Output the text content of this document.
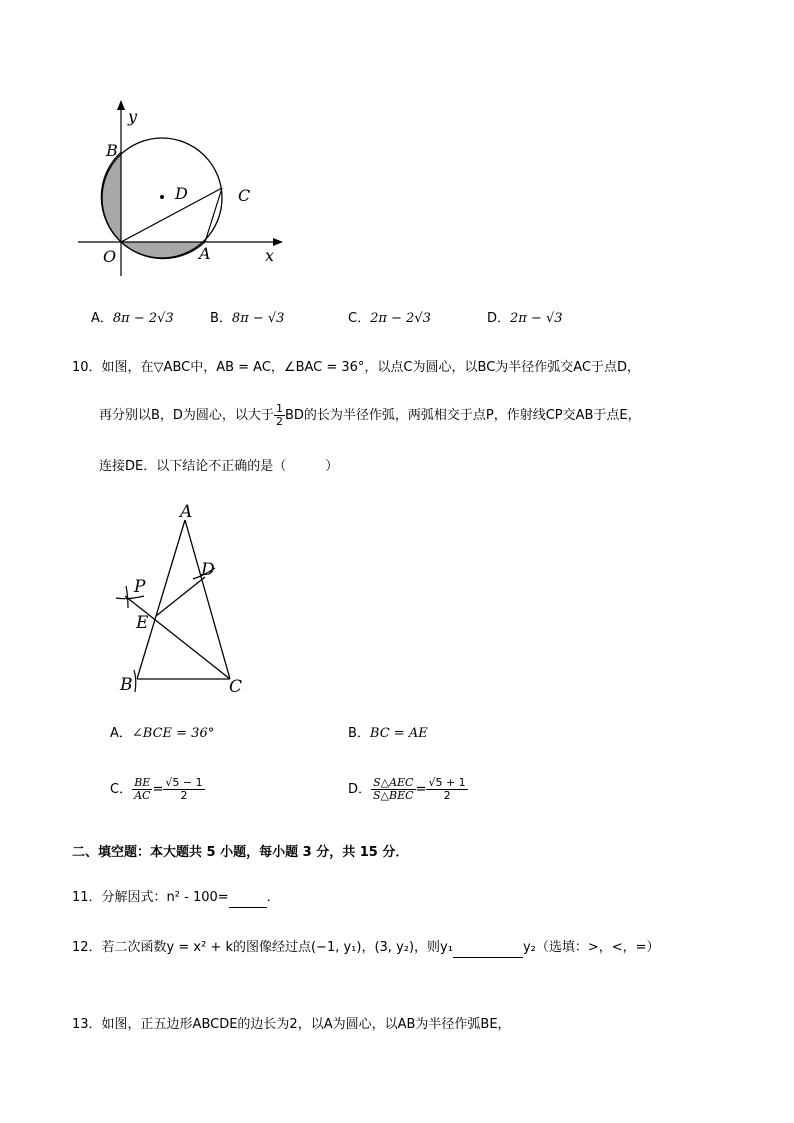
y
B
D	C
O	A	x
A．8π − 2√3	B．8π − √3	C．2π − 2√3	D．2π − √3
10．如图，在▽ABC中，AB = AC，∠BAC = 36°，以点C为圆心，以BC为半径作弧交AC于点D，
再分别以B，D为圆心，以大于 $\frac{1}{2}$ BD的长为半径作弧，两弧相交于点P，作射线CP交AB于点E，
连接DE．以下结论不正确的是（　　　）
A
D
P
E
B	C
A．∠BCE = 36°	B．BC = AE
C． $\frac{BE}{AC} = \frac{√5 - 1}{2}$	D． $\frac{\text{S△AEC}}{\text{S△BEC}} = \frac{√5 + 1}{2}$
二、填空题：本大题共 5 小题，每小题 3 分，共 15 分．
11．分解因式：n² - 100=	．
12．若二次函数y = x² + k的图像经过点(−1, y₁)，(3, y₂)，则y₁	y₂（选填：>，<，=）
13．如图，正五边形ABCDE的边长为2，以A为圆心，以AB为半径作弧BE，
